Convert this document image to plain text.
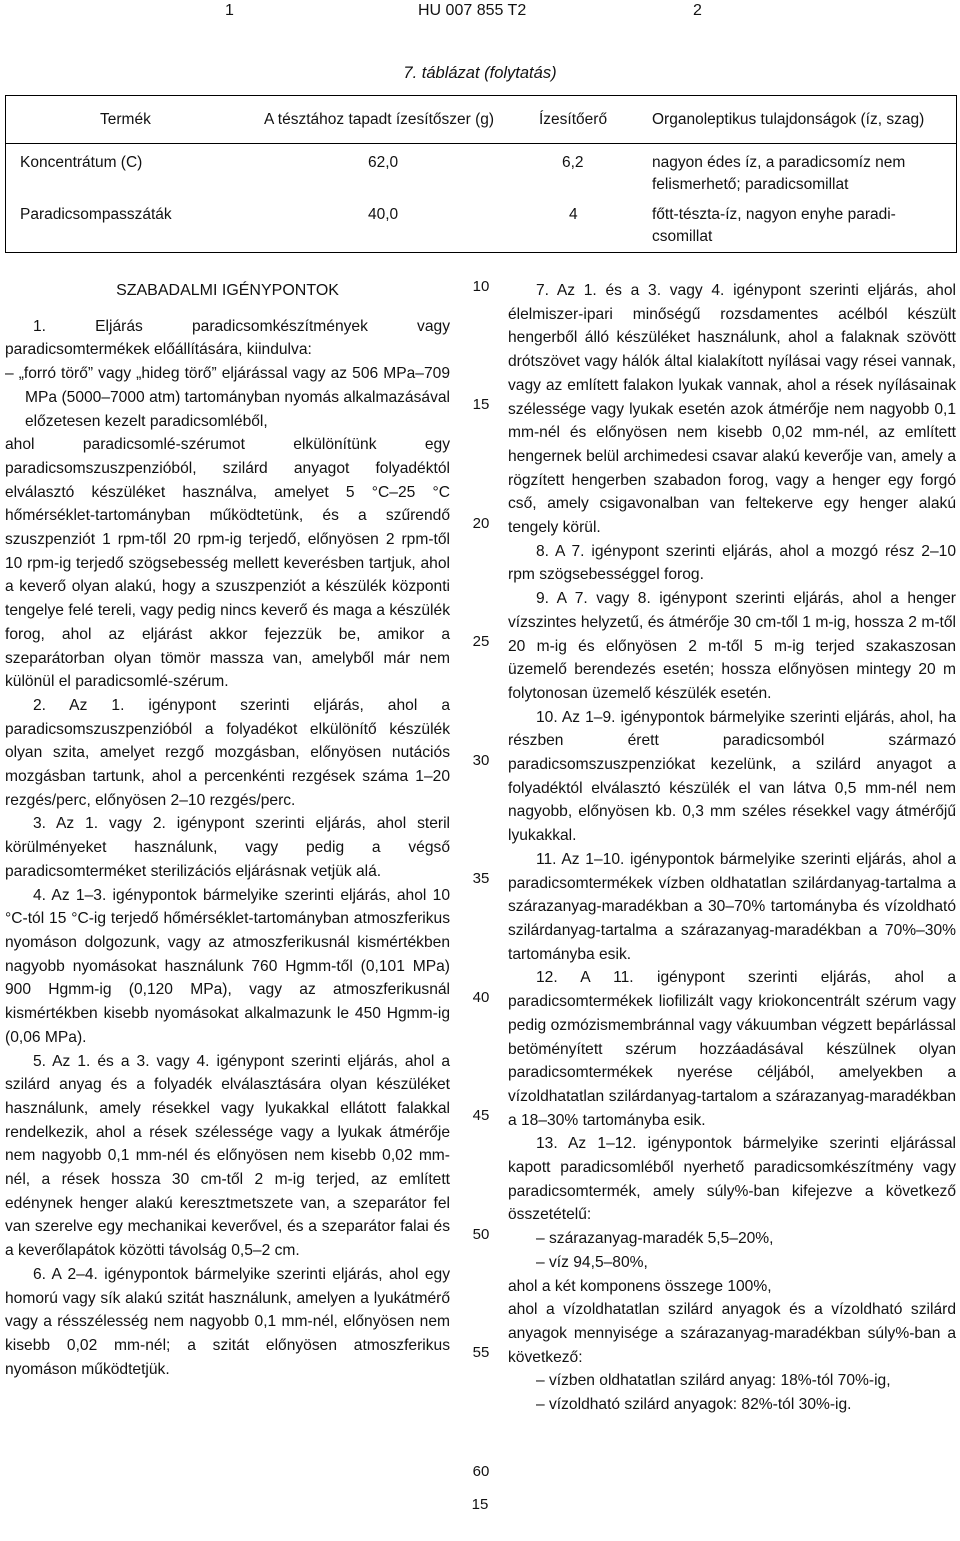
1	HU 007 855 T2	2
7. táblázat (folytatás)
Termék	A tésztához tapadt ízesítőszer (g)	Ízesítőerő	Organoleptikus tulajdonságok (íz, szag)
Koncentrátum (C)	62,0	6,2	nagyon édes íz, a paradicsomíz nem
felismerhető; paradicsomillat
Paradicsompasszáták	40,0	4	főtt-tészta-íz, nagyon enyhe paradi-
csomillat

SZABADALMI IGÉNYPONTOK

1. Eljárás paradicsomkészítmények vagy paradicsomtermékek előállítására, kiindulva:

– „forró törő” vagy „hideg törő” eljárással vagy az 506 MPa–709 MPa (5000–7000 atm) tartományban nyomás alkalmazásával előzetesen kezelt paradicsomléből,

ahol paradicsomlé-szérumot elkülönítünk egy paradicsomszuszpenzióból, szilárd anyagot folyadéktól elválasztó készüléket használva, amelyet 5 °C–25 °C hőmérséklet-tartományban működtetünk, és a szűrendő szuszpenziót 1 rpm-től 20 rpm-ig terjedő, előnyösen 2 rpm-től 10 rpm-ig terjedő szögsebesség mellett keverésben tartjuk, ahol a keverő olyan alakú, hogy a szuszpenziót a készülék központi tengelye felé tereli, vagy pedig nincs keverő és maga a készülék forog, ahol az eljárást akkor fejezzük be, amikor a szeparátorban olyan tömör massza van, amelyből már nem különül el paradicsomlé-szérum.

2. Az 1. igénypont szerinti eljárás, ahol a paradicsomszuszpenzióból a folyadékot elkülönítő készülék olyan szita, amelyet rezgő mozgásban, előnyösen nutációs mozgásban tartunk, ahol a percenkénti rezgések száma 1–20 rezgés/perc, előnyösen 2–10 rezgés/perc.

3. Az 1. vagy 2. igénypont szerinti eljárás, ahol steril körülményeket használunk, vagy pedig a végső paradicsomterméket sterilizációs eljárásnak vetjük alá.

4. Az 1–3. igénypontok bármelyike szerinti eljárás, ahol 10 °C-tól 15 °C-ig terjedő hőmérséklet-tartományban atmoszferikus nyomáson dolgozunk, vagy az atmoszferikusnál kismértékben nagyobb nyomásokat használunk 760 Hgmm-től (0,101 MPa) 900 Hgmm-ig (0,120 MPa), vagy az atmoszferikusnál kismértékben kisebb nyomásokat alkalmazunk le 450 Hgmm-ig (0,06 MPa).

5. Az 1. és a 3. vagy 4. igénypont szerinti eljárás, ahol a szilárd anyag és a folyadék elválasztására olyan készüléket használunk, amely résekkel vagy lyukakkal ellátott falakkal rendelkezik, ahol a rések szélessége vagy a lyukak átmérője nem nagyobb 0,1 mm-nél és előnyösen nem kisebb 0,02 mm-nél, a rések hossza 30 cm-től 2 m-ig terjed, az említett edénynek henger alakú keresztmetszete van, a szeparátor fel van szerelve egy mechanikai keverővel, és a szeparátor falai és a keverőlapátok közötti távolság 0,5–2 cm.

6. A 2–4. igénypontok bármelyike szerinti eljárás, ahol egy homorú vagy sík alakú szitát használunk, amelyen a lyukátmérő vagy a résszélesség nem nagyobb 0,1 mm-nél, előnyösen nem kisebb 0,02 mm-nél; a szitát előnyösen atmoszferikus nyomáson működtetjük.

10
15
20
25
30
35
40
45
50
55
60

7. Az 1. és a 3. vagy 4. igénypont szerinti eljárás, ahol élelmiszer-ipari minőségű rozsdamentes acélból készült hengerből álló készüléket használunk, ahol a falaknak szövött drótszövet vagy hálók által kialakított nyílásai vagy rései vannak, vagy az említett falakon lyukak vannak, ahol a rések nyílásainak szélessége vagy lyukak esetén azok átmérője nem nagyobb 0,1 mm-nél és előnyösen nem kisebb 0,02 mm-nél, az említett hengernek belül archimedesi csavar alakú keverője van, amely a rögzített hengerben szabadon forog, vagy a henger egy forgó cső, amely csigavonalban van feltekerve egy henger alakú tengely körül.

8. A 7. igénypont szerinti eljárás, ahol a mozgó rész 2–10 rpm szögsebességgel forog.

9. A 7. vagy 8. igénypont szerinti eljárás, ahol a henger vízszintes helyzetű, és átmérője 30 cm-től 1 m-ig, hossza 2 m-től 20 m-ig és előnyösen 2 m-től 5 m-ig terjed szakaszosan üzemelő berendezés esetén; hossza előnyösen mintegy 20 m folytonosan üzemelő készülék esetén.

10. Az 1–9. igénypontok bármelyike szerinti eljárás, ahol, ha részben érett paradicsomból származó paradicsomszuszpenziókat kezelünk, a szilárd anyagot a folyadéktól elválasztó készülék el van látva 0,5 mm-nél nem nagyobb, előnyösen kb. 0,3 mm széles résekkel vagy átmérőjű lyukakkal.

11. Az 1–10. igénypontok bármelyike szerinti eljárás, ahol a paradicsomtermékek vízben oldhatatlan szilárdanyag-tartalma a szárazanyag-maradékban a 30–70% tartományba és vízoldható szilárdanyag-tartalma a szárazanyag-maradékban a 70%–30% tartományba esik.

12. A 11. igénypont szerinti eljárás, ahol a paradicsomtermékek liofilizált vagy kriokoncentrált szérum vagy pedig ozmózismembránnal vagy vákuumban végzett bepárlással betöményített szérum hozzáadásával készülnek olyan paradicsomtermékek nyerése céljából, amelyekben a vízoldhatatlan szilárdanyag-tartalom a szárazanyag-maradékban a 18–30% tartományba esik.

13. Az 1–12. igénypontok bármelyike szerinti eljárással kapott paradicsomléből nyerhető paradicsomkészítmény vagy paradicsomtermék, amely súly%-ban kifejezve a következő összetételű:

– szárazanyag-maradék 5,5–20%,

– víz 94,5–80%,

ahol a két komponens összege 100%,

ahol a vízoldhatatlan szilárd anyagok és a vízoldható szilárd anyagok mennyisége a szárazanyag-maradékban súly%-ban a következő:

– vízben oldhatatlan szilárd anyag: 18%-tól 70%-ig,

– vízoldható szilárd anyagok: 82%-tól 30%-ig.

15
